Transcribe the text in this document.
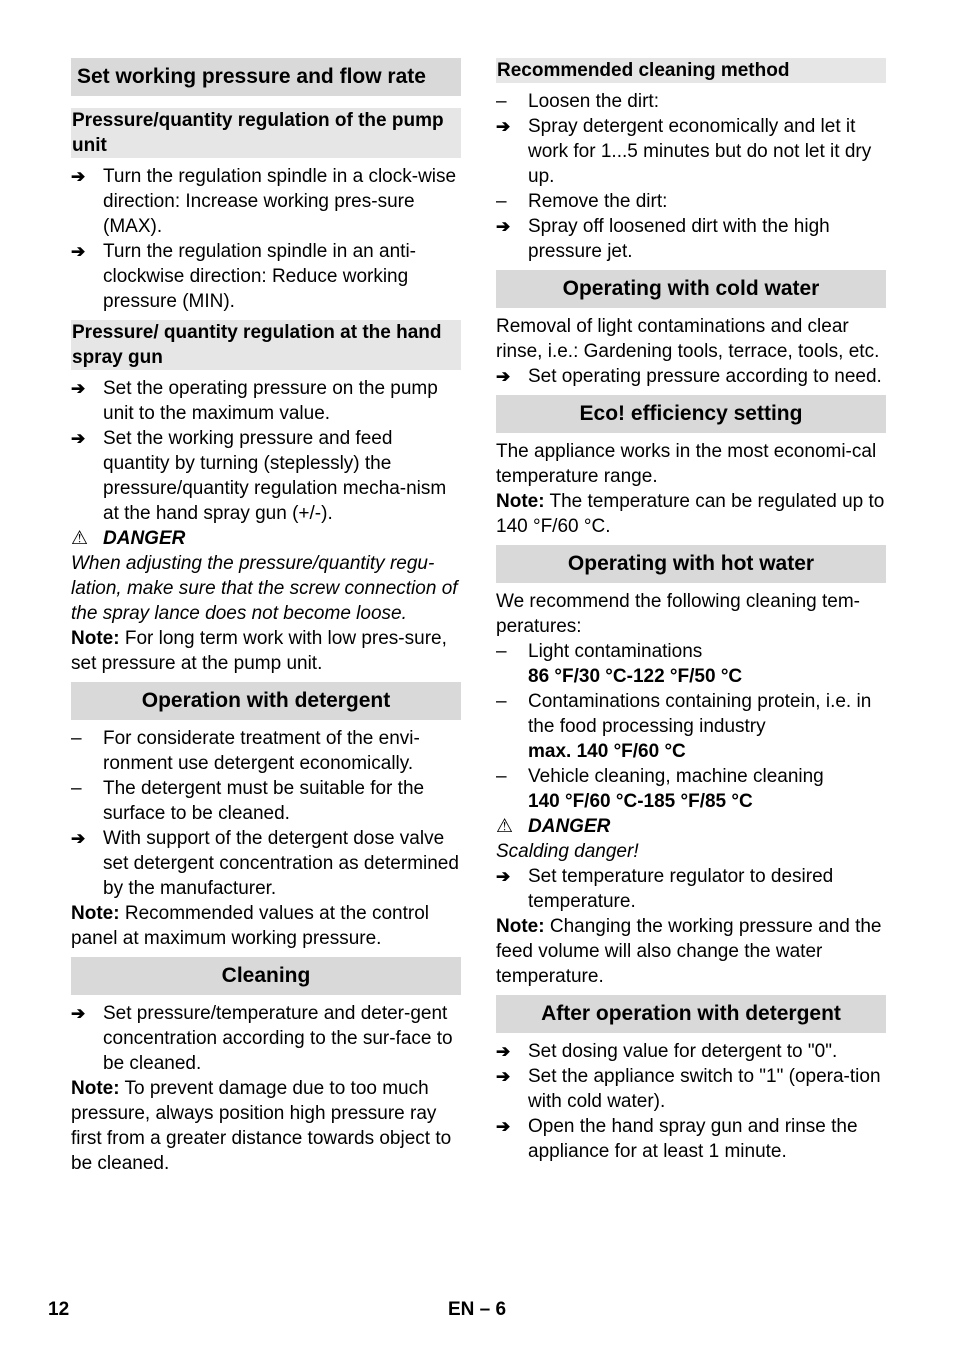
Set working pressure and flow rate
Pressure/quantity regulation of the pump unit
➔ Turn the regulation spindle in a clock-wise direction: Increase working pres-sure (MAX).
➔ Turn the regulation spindle in an anti-clockwise direction: Reduce working pressure (MIN).
Pressure/ quantity regulation at the hand spray gun
➔ Set the operating pressure on the pump unit to the maximum value.
➔ Set the working pressure and feed quantity by turning (steplessly) the pressure/quantity regulation mecha-nism at the hand spray gun (+/-).
⚠ DANGER
When adjusting the pressure/quantity regu-lation, make sure that the screw connection of the spray lance does not become loose.
Note: For long term work with low pres-sure, set pressure at the pump unit.
Operation with detergent
–	For considerate treatment of the envi-ronment use detergent economically.
–	The detergent must be suitable for the surface to be cleaned.
➔ With support of the detergent dose valve set detergent concentration as determined by the manufacturer.
Note: Recommended values at the control panel at maximum working pressure.
Cleaning
➔ Set pressure/temperature and deter-gent concentration according to the sur-face to be cleaned.
Note: To prevent damage due to too much pressure, always position high pressure ray first from a greater distance towards object to be cleaned.
Recommended cleaning method
–	Loosen the dirt:
➔ Spray detergent economically and let it work for 1...5 minutes but do not let it dry up.
–	Remove the dirt:
➔ Spray off loosened dirt with the high pressure jet.
Operating with cold water
Removal of light contaminations and clear rinse, i.e.: Gardening tools, terrace, tools, etc.
➔ Set operating pressure according to need.
Eco! efficiency setting
The appliance works in the most economi-cal temperature range.
Note: The temperature can be regulated up to 140 °F/60 °C.
Operating with hot water
We recommend the following cleaning tem-peratures:
–	Light contaminations
86 °F/30 °C-122 °F/50 °C
–	Contaminations containing protein, i.e. in the food processing industry
max. 140 °F/60 °C
–	Vehicle cleaning, machine cleaning
140 °F/60 °C-185 °F/85 °C
⚠ DANGER
Scalding danger!
➔ Set temperature regulator to desired temperature.
Note: Changing the working pressure and the feed volume will also change the water temperature.
After operation with detergent
➔ Set dosing value for detergent to "0".
➔ Set the appliance switch to "1" (opera-tion with cold water).
➔ Open the hand spray gun and rinse the appliance for at least 1 minute.
12	EN – 6
